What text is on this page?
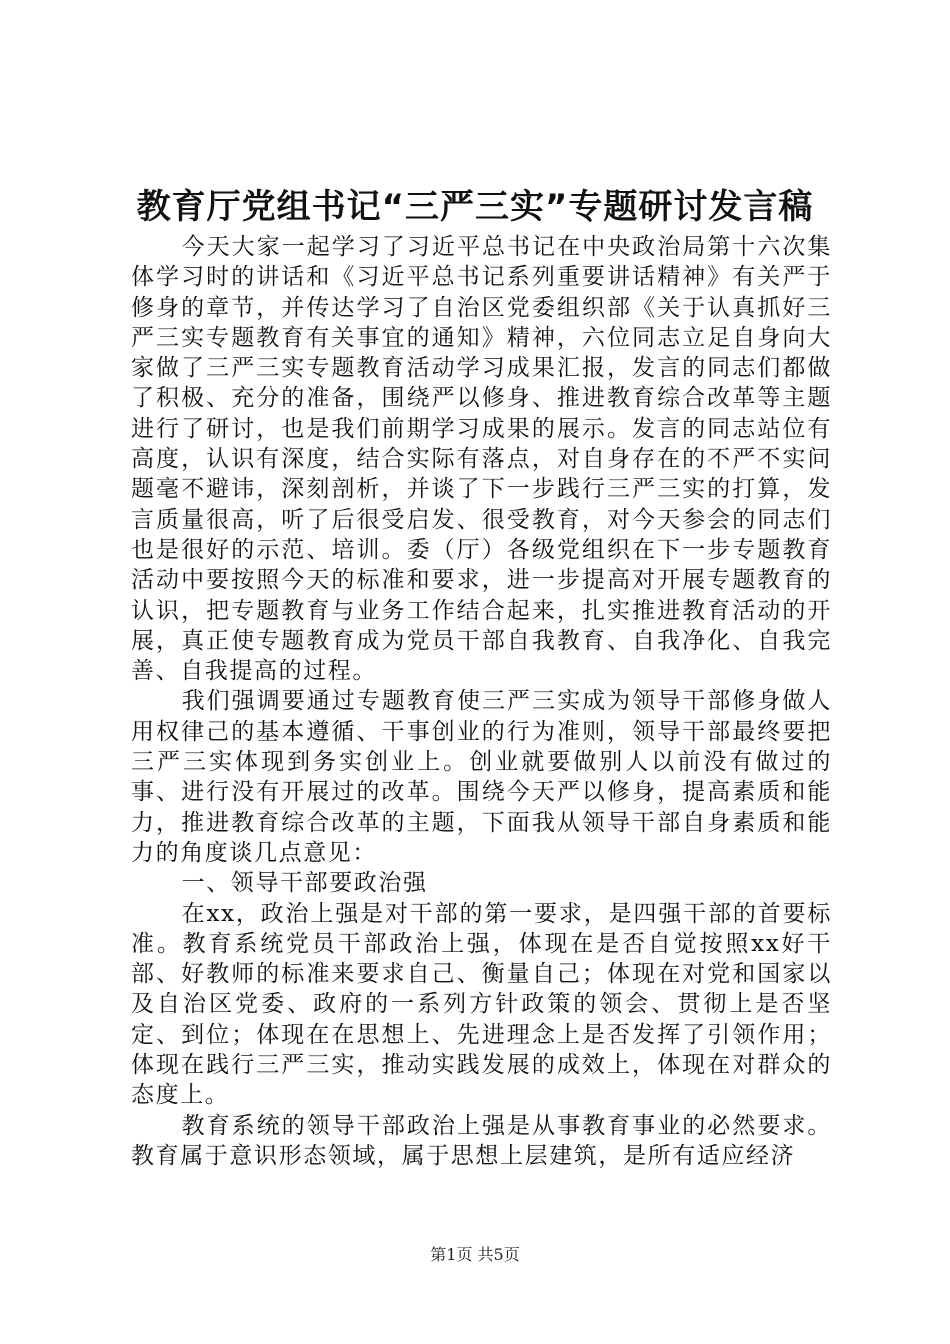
教育厅党组书记“三严三实”专题研讨发言稿

今天大家一起学习了习近平总书记在中央政治局第十六次集体学习时的讲话和《习近平总书记系列重要讲话精神》有关严于修身的章节，并传达学习了自治区党委组织部《关于认真抓好三严三实专题教育有关事宜的通知》精神，六位同志立足自身向大家做了三严三实专题教育活动学习成果汇报，发言的同志们都做了积极、充分的准备，围绕严以修身、推进教育综合改革等主题进行了研讨，也是我们前期学习成果的展示。发言的同志站位有高度，认识有深度，结合实际有落点，对自身存在的不严不实问题毫不避讳，深刻剖析，并谈了下一步践行三严三实的打算，发言质量很高，听了后很受启发、很受教育，对今天参会的同志们也是很好的示范、培训。委（厅）各级党组织在下一步专题教育活动中要按照今天的标准和要求，进一步提高对开展专题教育的认识，把专题教育与业务工作结合起来，扎实推进教育活动的开展，真正使专题教育成为党员干部自我教育、自我净化、自我完善、自我提高的过程。

我们强调要通过专题教育使三严三实成为领导干部修身做人用权律己的基本遵循、干事创业的行为准则，领导干部最终要把三严三实体现到务实创业上。创业就要做别人以前没有做过的事、进行没有开展过的改革。围绕今天严以修身，提高素质和能力，推进教育综合改革的主题，下面我从领导干部自身素质和能力的角度谈几点意见：

一、领导干部要政治强

在xx，政治上强是对干部的第一要求，是四强干部的首要标准。教育系统党员干部政治上强，体现在是否自觉按照xx好干部、好教师的标准来要求自己、衡量自己；体现在对党和国家以及自治区党委、政府的一系列方针政策的领会、贯彻上是否坚定、到位；体现在在思想上、先进理念上是否发挥了引领作用；体现在践行三严三实，推动实践发展的成效上，体现在对群众的态度上。

教育系统的领导干部政治上强是从事教育事业的必然要求。教育属于意识形态领域，属于思想上层建筑，是所有适应经济

第1页 共5页
